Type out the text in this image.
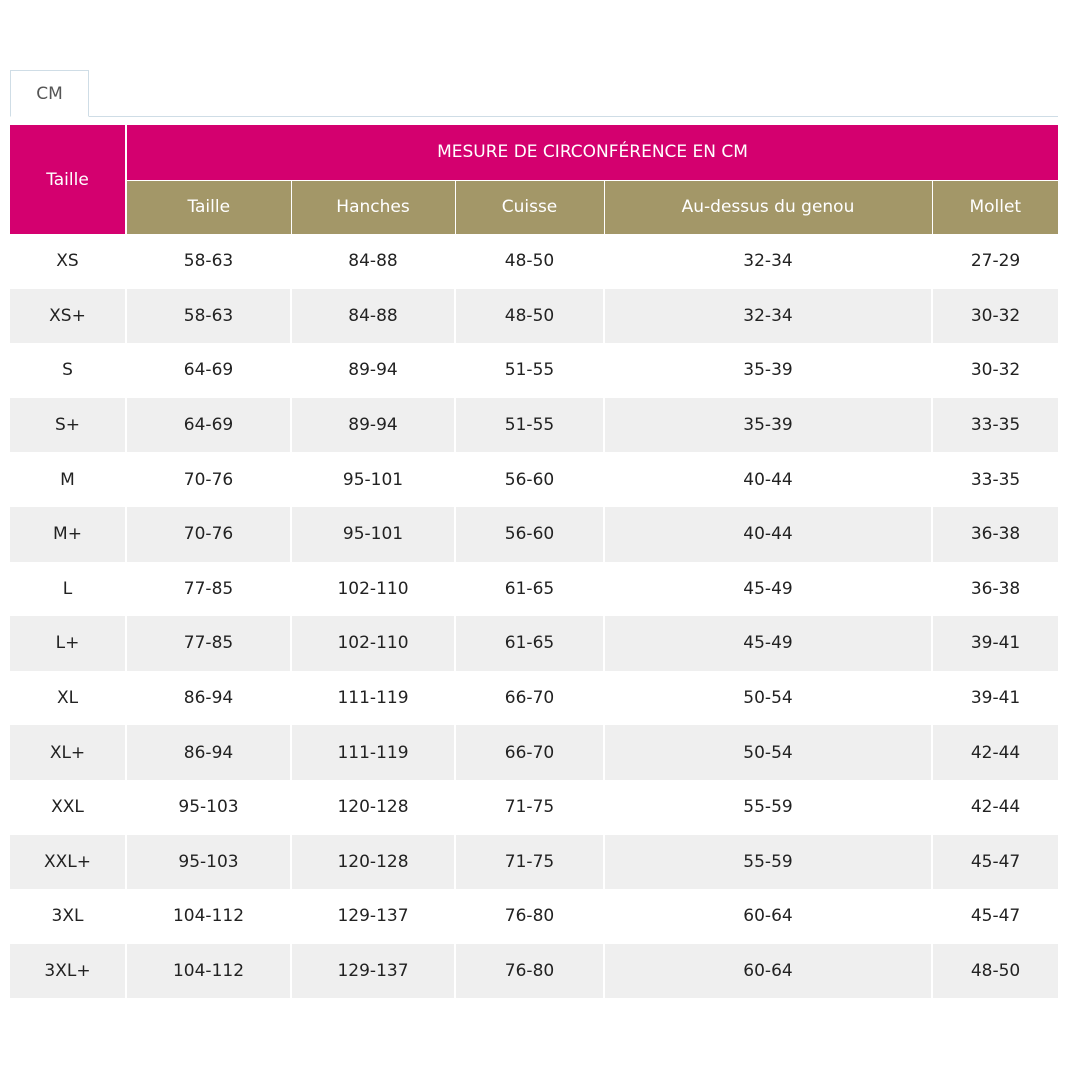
CM
Taille	MESURE DE CIRCONFÉRENCE EN CM				
	Taille	Hanches	Cuisse	Au-dessus du genou	Mollet
XS	58-63	84-88	48-50	32-34	27-29
XS+	58-63	84-88	48-50	32-34	30-32
S	64-69	89-94	51-55	35-39	30-32
S+	64-69	89-94	51-55	35-39	33-35
M	70-76	95-101	56-60	40-44	33-35
M+	70-76	95-101	56-60	40-44	36-38
L	77-85	102-110	61-65	45-49	36-38
L+	77-85	102-110	61-65	45-49	39-41
XL	86-94	111-119	66-70	50-54	39-41
XL+	86-94	111-119	66-70	50-54	42-44
XXL	95-103	120-128	71-75	55-59	42-44
XXL+	95-103	120-128	71-75	55-59	45-47
3XL	104-112	129-137	76-80	60-64	45-47
3XL+	104-112	129-137	76-80	60-64	48-50
